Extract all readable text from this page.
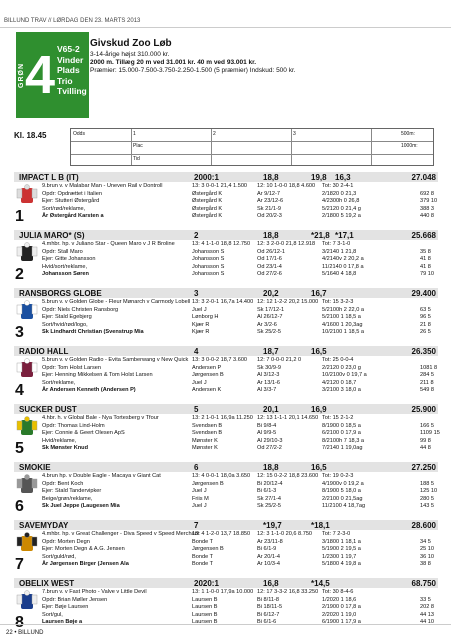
BILLUND TRAV // LØRDAG DEN 23. MARTS 2013
GRØN 4 V65-2
Vinder
Plads
Trio
Tvilling
Givskud Zoo Løb
3-14-årige højst 310.000 kr.
2000 m. Tillæg 20 m ved 31.001 kr. 40 m ved 93.001 kr.
Præmier: 15.000-7.500-3.750-2.250-1.500 (5 præmier) Indskud: 500 kr.
Kl. 18.45	Odds
Plac
Tid
1	2	3	500m:
1000m:
IMPACT L B (IT)	2000:1	18,8	19,8 16,3	27.048
1
9.brun v. v Malabar Man - Uneven Rail v Dontroll	13: 3 0-0-1 21,4 1.500 12: 10 1-0-0 18,8 4.600 Tot: 30 2-4-1
Opdr: Opdrættet i Italien	Østergård K	Ar 9/12-7	2/1820 0 21,3	692 8
Ejer: Stutteri Østergård	Østergård K	Ar 23/12-6	4/2300h 0 26,8	379 10
Sort/rød/reklame,	Østergård K	Sk 21/1-9	5/2120 0 21,4 g	388 3
År Østergård Karsten a	Østergård K	Od 20/2-3	2/1800 5 19,2 a	440 8
JULIA MARO* (S)	2	18,8	*21,8 *17,1	25.668
2
4.mhbr. hp. v Juliano Star - Queen Maro v J R Broline	13: 4 1-1-0 18,8 12.750 12: 3 2-0-0 21,8 12.918 Tot: 7 3-1-0
Opdr: Stall Maro	Johansson S	Od 26/12-1	3/2140 1 21,8	35 8
Ejer: Gitte Johansson	Johansson S	Od 17/1-6	4/2140v 2 20,2 a	41 8
Hvid/sort/reklame,	Johansson S	Od 23/1-4	11/2140 0 17,8 a	41 8
Johansson Søren	Johansson S	Od 27/2-6	5/1640 4 18,8	79 10
RANSBORGS GLOBE	3	20,2	16,7	29.400
3
5.brun v. v Golden Globe - Fleur Mønarch v Carmody Lobell 13: 3 2-0-1 16,7a 14.400 12: 12 1-2-2 20,2 15.000 Tot: 15 3-2-3
Opdr: Niels Christen Ransborg	Juel J	Sk 17/12-1	5/2100h 2 22,0 a	63 5
Ejer: Stald Egebjerg	Lønborg H	Al 26/12-7	5/2100 1 18,5 a	96 5
Sort/hvid/rød/logo,	Kjær R	Ar 3/2-6	4/1600 1 20,3ag	21 8
Sk Lindhardt Christian (Svenstrup Mia	Kjær R	Sk 25/2-5	10/2100 1 18,5 a	26 5
RADIO HALL	4	18,7	16,5	26.350
4
5.brun v. v Golden Radio - Evita Samberwang v New Quick 13: 3 0-0-2 18,7 3.600 12: 7 0-0-0 21,2 0	Tot: 25 0-0-4
Opdr: Tom Holst Larsen	Andersen P	Sk 30/9-9	2/2120 0 23,0 g	1081 8
Ejer: Henning Mikkelsen & Tom Holst Larsen	Jørgensen B	Al 3/12-3	10/2100v 0 19,7 a	284 5
Sort/reklame,	Juel J	Ar 13/1-6	4/2120 0 18,7	211 8
År Andersen Kenneth (Andersen P)	Andersen K	Al 3/3-7	3/2100 3 18,0 a	549 8
SUCKER DUST	5	20,1	16,9	25.900
5
4.hbr. h. v Global Bale - Nya Tortesberg v Tfour	13: 2 1-0-1 16,9a 11.250 12: 13 1-1-1 20,1 14.650 Tot: 15 2-1-2
Opdr: Thomas Lind-Holm	Svendsen B	Bi 9/8-4	8/1900 0 18,5 a	166 5
Ejer: Connie & Geert Olesen ApS	Svendsen B	Al 9/9-5	6/2100 0 17,9 a	1109 15
Hvid/reklame,	Mønster K	Al 29/10-3	8/2100h 7 18,3 a	99 8
Sk Mønster Knud	Mønster K	Od 27/2-2	7/2140 1 19,0ag	44 8
SMOKIE	6	18,8	16,5	27.250
6
4.brun hp. v Double Eagle - Macaya v Giant Cat	13: 4 0-0-1 18,0a 3.650 12: 15 0-2-2 18,8 23.600 Tot: 19 0-2-3
Opdr: Bent Koch	Jørgensen B	Bi 20/12-4	4/1900v 0 19,2 a	188 5
Ejer: Stald Tandervipker	Juel J	Bi 6/1-3	8/1900 5 18,0 a	125 10
Beige/grøn/reklame,	Friis M	Sk 27/1-4	2/2100 0 21,5ag	280 5
Sk Juel Jeppe (Laugesen Mia	Juel J	Sk 25/2-5	11/2100 4 18,7ag	143 5
SAVEMYDAY	7	*19,7	*18,1	28.600
7
4.mhbr. hp. v Great Challenger - Diva Speed v Speed Merchant
13: 4 1-2-0 13,7 18.850 12: 3 1-1-0 20,6 8.750 Tot: 7 2-3-0
Opdr: Morten Degn	Bonde T	Ar 23/11-8	3/1800 1 18,1 a	34 5
Ejer: Morten Degn & A.G. Jensen	Jørgensen B	Bi 6/1-9	5/1900 2 19,5 a	25 10
Sort/guld/rød,	Bonde T	Ar 20/1-4	1/2300 1 19,7	36 10
År Jørgensen Birger (Jensen Ala	Bonde T	Ar 10/3-4	5/1800 4 19,8 a	38 8
OBELIX WEST	2020:1	16,8	*14,5	68.750
8
7.brun v. v Fast Photo - Valve v Little Devil	13: 1 1-0-0 17,9a 10.000 12: 17 3-3-2 16,8 33.250 Tot: 30 8-4-6
Opdr: Brian Møller Jensen	Laursen B	Bi 8/11-8	1/2020 1 18,6	33 5
Ejer: Bøje Laursen	Laursen B	Bi 18/11-5	2/1900 0 17,8 a	202 8
Sort/gul,	Laursen B	Bi 6/12-7	2/2020 1 19,0	44 13
Laursen Bøje a	Laursen B	Bi 6/1-6	6/1900 1 17,9 a	44 10
22 • BILLUND
